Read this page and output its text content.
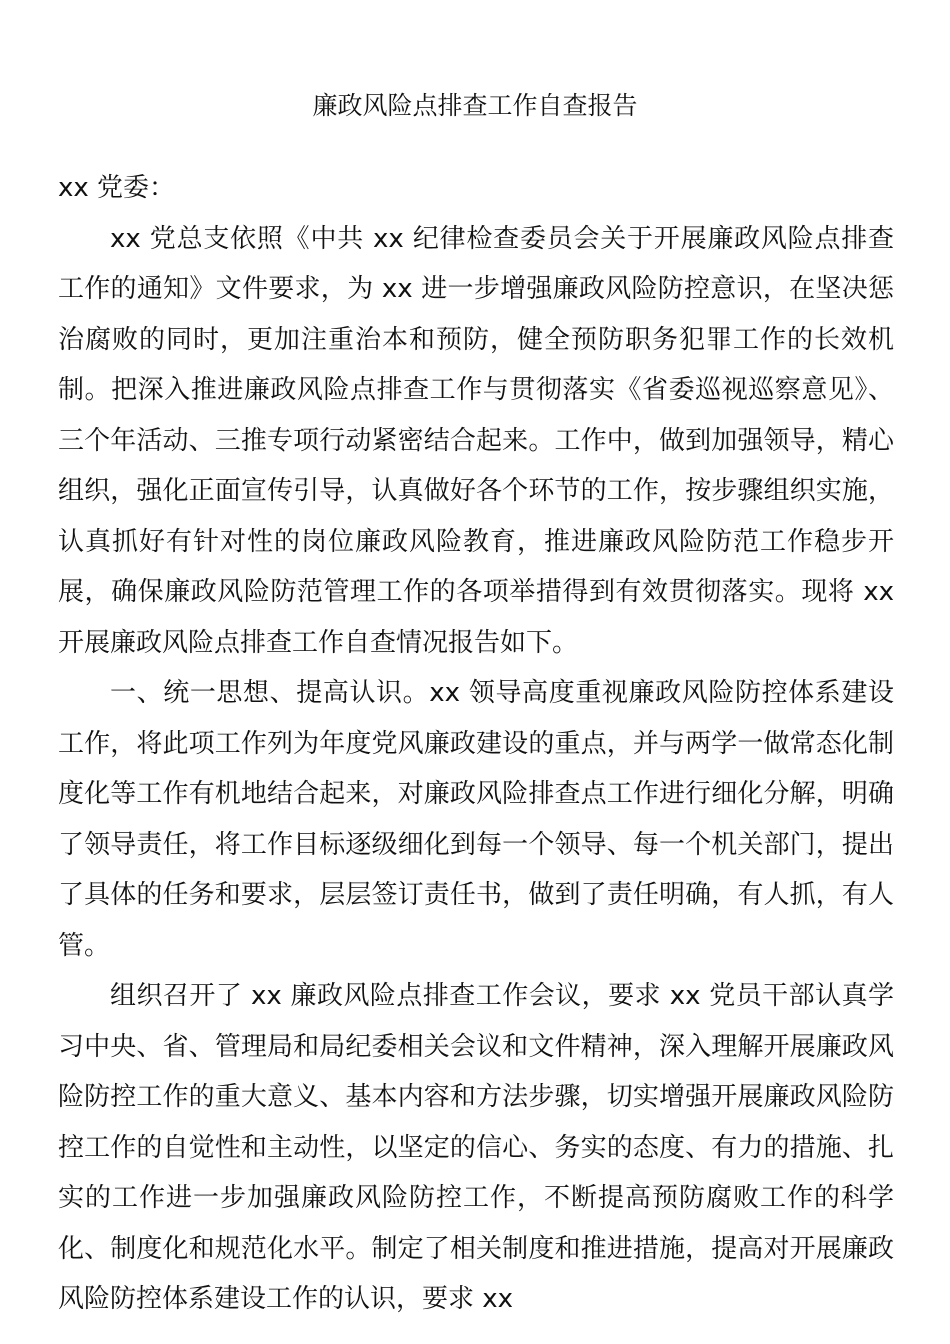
廉政风险点排查工作自查报告

xx 党委：

xx 党总支依照《中共 xx 纪律检查委员会关于开展廉政风险点排查工作的通知》文件要求，为 xx 进一步增强廉政风险防控意识，在坚决惩治腐败的同时，更加注重治本和预防，健全预防职务犯罪工作的长效机制。把深入推进廉政风险点排查工作与贯彻落实《省委巡视巡察意见》、三个年活动、三推专项行动紧密结合起来。工作中，做到加强领导，精心组织，强化正面宣传引导，认真做好各个环节的工作，按步骤组织实施，认真抓好有针对性的岗位廉政风险教育，推进廉政风险防范工作稳步开展，确保廉政风险防范管理工作的各项举措得到有效贯彻落实。现将 xx 开展廉政风险点排查工作自查情况报告如下。

一、统一思想、提高认识。xx 领导高度重视廉政风险防控体系建设工作，将此项工作列为年度党风廉政建设的重点，并与两学一做常态化制度化等工作有机地结合起来，对廉政风险排查点工作进行细化分解，明确了领导责任，将工作目标逐级细化到每一个领导、每一个机关部门，提出了具体的任务和要求，层层签订责任书，做到了责任明确，有人抓，有人管。

组织召开了 xx 廉政风险点排查工作会议，要求 xx 党员干部认真学习中央、省、管理局和局纪委相关会议和文件精神，深入理解开展廉政风险防控工作的重大意义、基本内容和方法步骤，切实增强开展廉政风险防控工作的自觉性和主动性，以坚定的信心、务实的态度、有力的措施、扎实的工作进一步加强廉政风险防控工作，不断提高预防腐败工作的科学化、制度化和规范化水平。制定了相关制度和推进措施，提高对开展廉政风险防控体系建设工作的认识，要求 xx
